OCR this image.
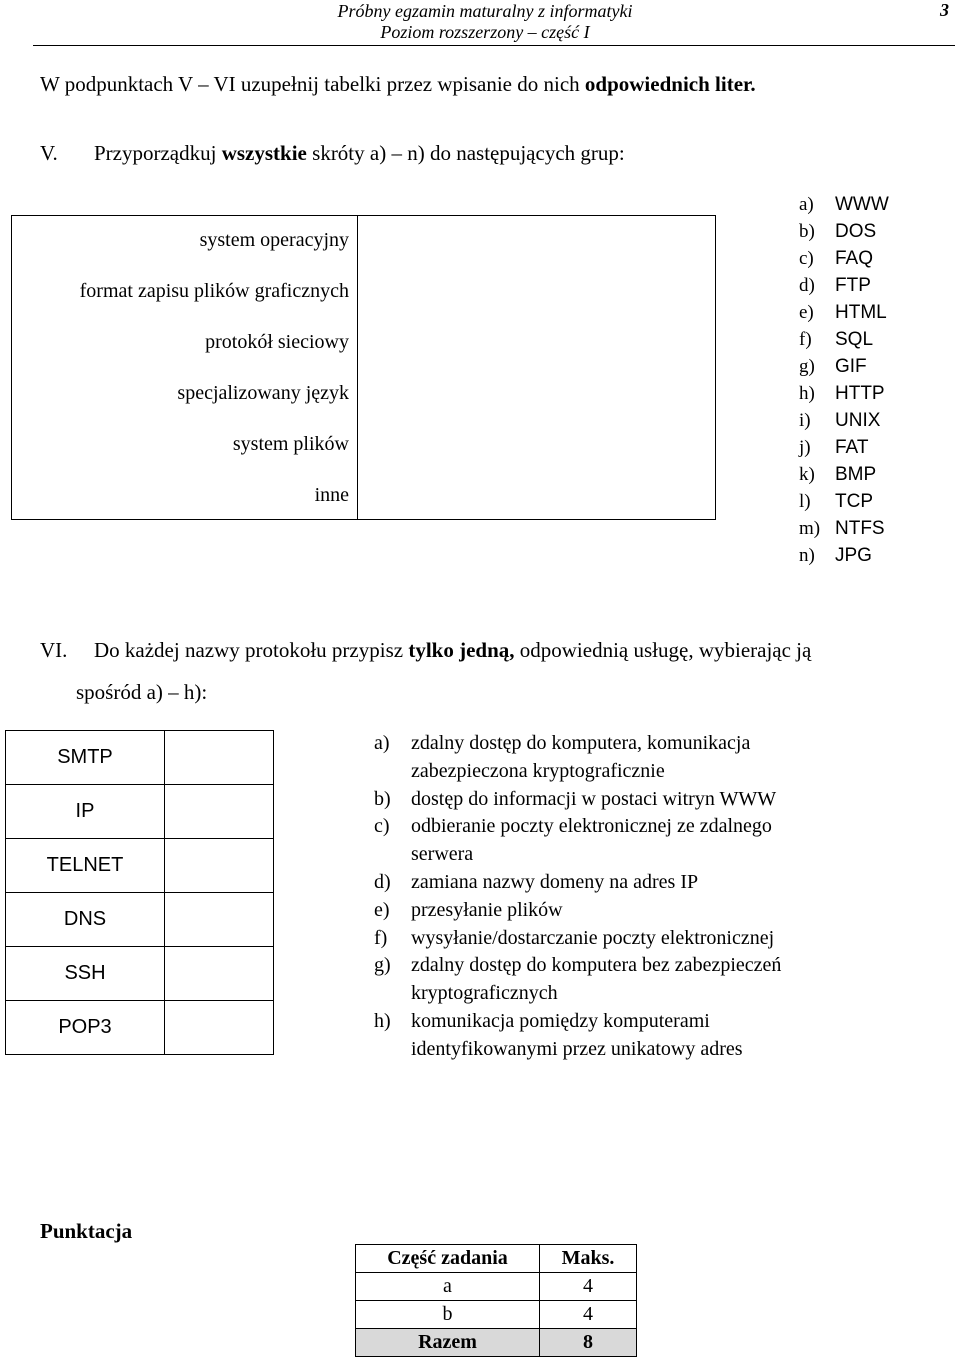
Próbny egzamin maturalny z informatyki
Poziom rozszerzony – część I
3
W podpunktach V – VI uzupełnij tabelki przez wpisanie do nich odpowiednich liter.
V. Przyporządkuj wszystkie skróty a) – n) do następujących grup:
system operacyjny
format zapisu plików graficznych
protokół sieciowy
specjalizowany język
system plików
inne
a)	WWW
b)	DOS
c)	FAQ
d)	FTP
e)	HTML
f)	SQL
g)	GIF
h)	HTTP
i)	UNIX
j)	FAT
k)	BMP
l)	TCP
m) NTFS
n)	JPG
VI. Do każdej nazwy protokołu przypisz tylko jedną, odpowiednią usługę, wybierając ją
spośród a) – h):
SMTP	
IP	
TELNET	
DNS	
SSH	
POP3	
a)	zdalny dostęp do komputera, komunikacja
zabezpieczona kryptograficznie
b)	dostęp do informacji w postaci witryn WWW
c)	odbieranie poczty elektronicznej ze zdalnego
serwera
d)	zamiana nazwy domeny na adres IP
e)	przesyłanie plików
f)	wysyłanie/dostarczanie poczty elektronicznej
g)	zdalny dostęp do komputera bez zabezpieczeń
kryptograficznych
h)	komunikacja pomiędzy komputerami
identyfikowanymi przez unikatowy adres
Punktacja
Część zadania	Maks.
a	4
b	4
Razem	8
